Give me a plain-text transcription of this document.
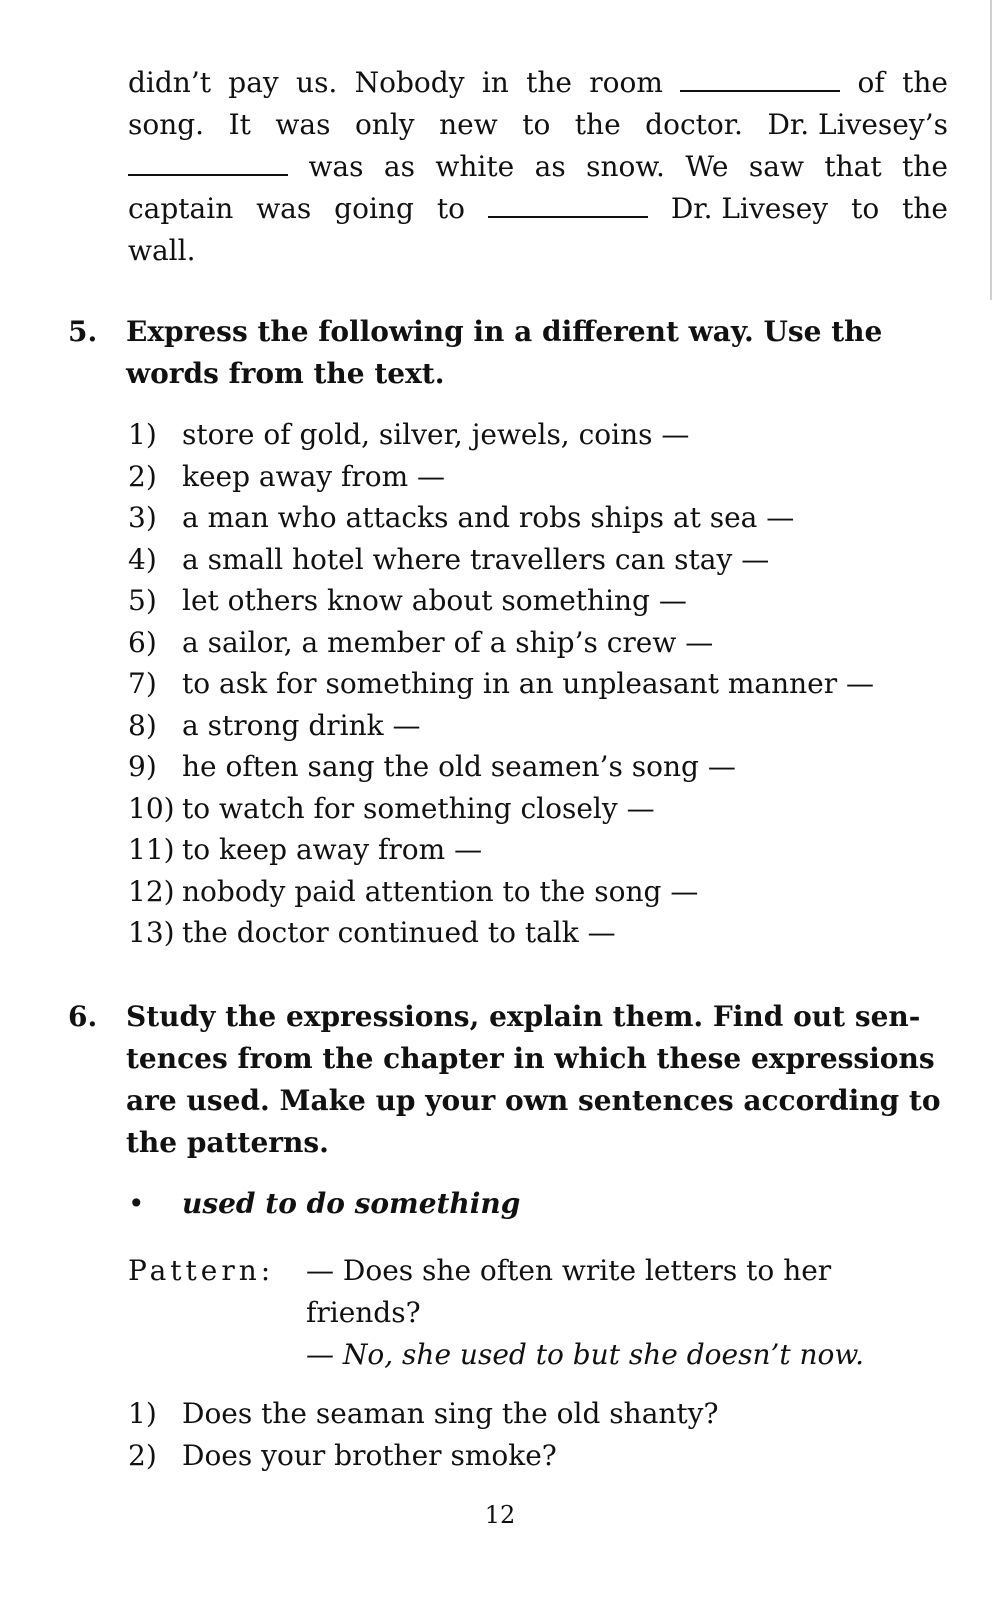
didn’t pay us. Nobody in the room	of the
song. It was only new to the doctor. Dr. Livesey’s
was as white as snow. We saw that the
captain was going to	Dr. Livesey to the
wall.
5. Express the following in a different way. Use the words from the text.
1) store of gold, silver, jewels, coins —
2) keep away from —
3) a man who attacks and robs ships at sea —
4) a small hotel where travellers can stay —
5) let others know about something —
6) a sailor, a member of a ship’s crew —
7) to ask for something in an unpleasant manner —
8) a strong drink —
9) he often sang the old seamen’s song —
10) to watch for something closely —
11) to keep away from —
12) nobody paid attention to the song —
13) the doctor continued to talk —
6. Study the expressions, explain them. Find out sen-tences from the chapter in which these expressions are used. Make up your own sentences according to the patterns.
• used to do something
Pattern: — Does she often write letters to her friends?
— No, she used to but she doesn’t now.
1) Does the seaman sing the old shanty?
2) Does your brother smoke?
12
